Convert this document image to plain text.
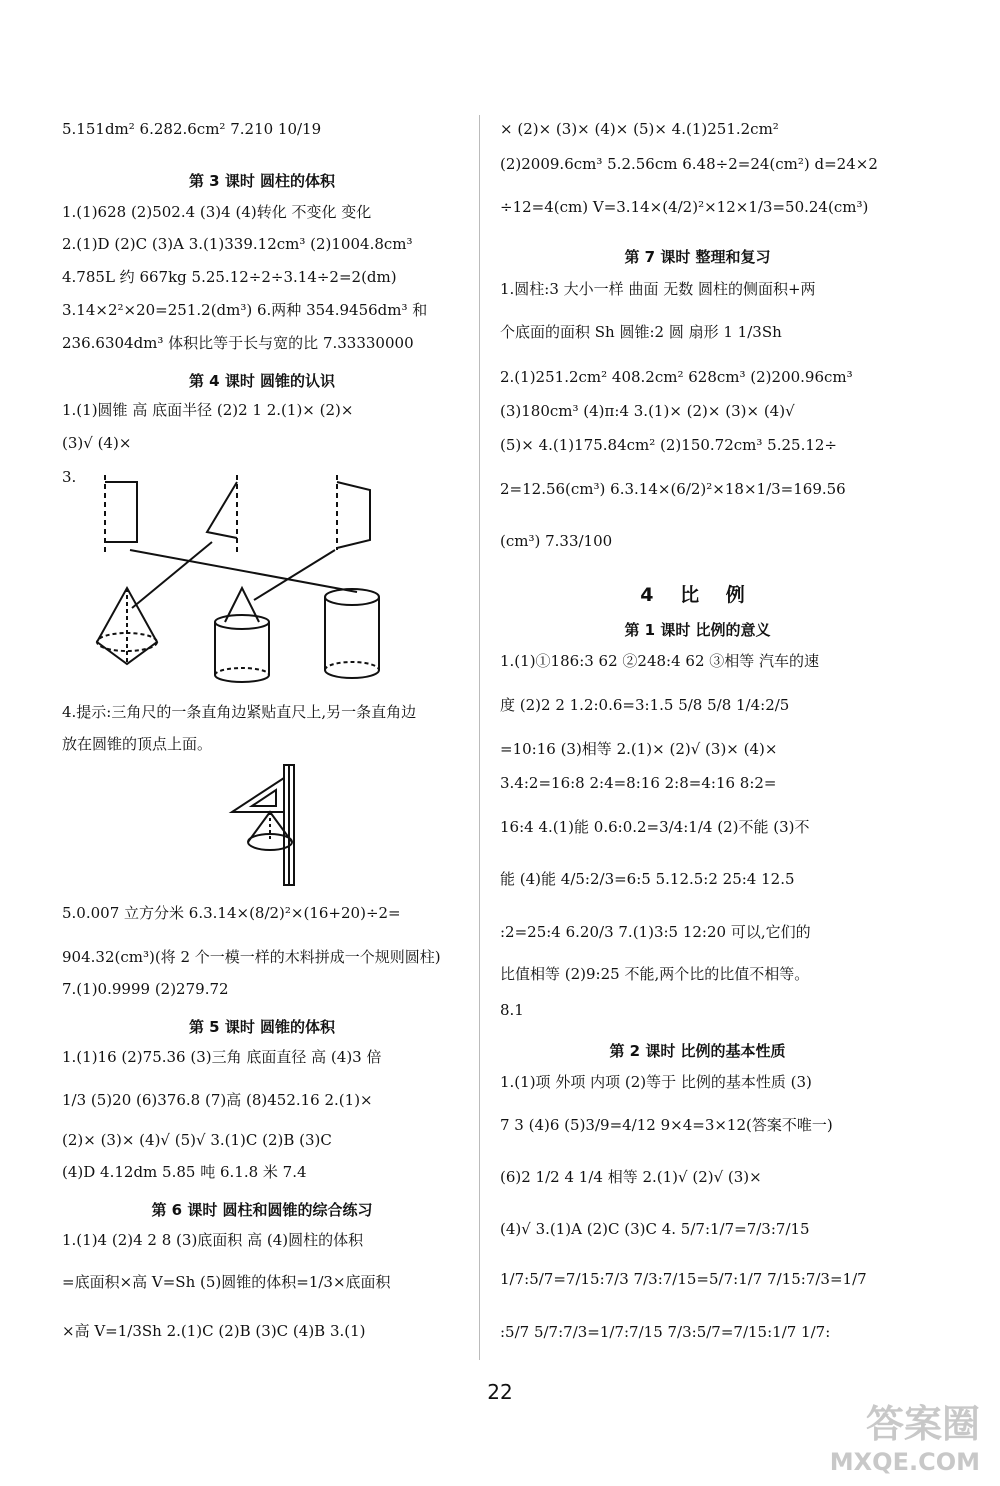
5.151dm² 6.282.6cm² 7.210 10/19
第 3 课时 圆柱的体积
1.(1)628 (2)502.4 (3)4 (4)转化 不变化 变化
2.(1)D (2)C (3)A 3.(1)339.12cm³ (2)1004.8cm³
4.785L 约 667kg 5.25.12÷2÷3.14÷2=2(dm)
3.14×2²×20=251.2(dm³) 6.两种 354.9456dm³ 和
236.6304dm³ 体积比等于长与宽的比 7.33330000
第 4 课时 圆锥的认识
1.(1)圆锥 高 底面半径 (2)2 1 2.(1)× (2)×
(3)√ (4)×
3.
4.提示:三角尺的一条直角边紧贴直尺上,另一条直角边
放在圆锥的顶点上面。
5.0.007 立方分米 6.3.14×(8/2)²×(16+20)÷2=
904.32(cm³)(将 2 个一模一样的木料拼成一个规则圆柱)
7.(1)0.9999 (2)279.72
第 5 课时 圆锥的体积
1.(1)16 (2)75.36 (3)三角 底面直径 高 (4)3 倍
1/3 (5)20 (6)376.8 (7)高 (8)452.16 2.(1)×
(2)× (3)× (4)√ (5)√ 3.(1)C (2)B (3)C
(4)D 4.12dm 5.85 吨 6.1.8 米 7.4
第 6 课时 圆柱和圆锥的综合练习
1.(1)4 (2)4 2 8 (3)底面积 高 (4)圆柱的体积
=底面积×高 V=Sh (5)圆锥的体积=1/3×底面积
×高 V=1/3Sh 2.(1)C (2)B (3)C (4)B 3.(1)
× (2)× (3)× (4)× (5)× 4.(1)251.2cm²
(2)2009.6cm³ 5.2.56cm 6.48÷2=24(cm²) d=24×2
÷12=4(cm) V=3.14×(4/2)²×12×1/3=50.24(cm³)
第 7 课时 整理和复习
1.圆柱:3 大小一样 曲面 无数 圆柱的侧面积+两
个底面的面积 Sh 圆锥:2 圆 扇形 1 1/3Sh
2.(1)251.2cm² 408.2cm² 628cm³ (2)200.96cm³
(3)180cm³ (4)π:4 3.(1)× (2)× (3)× (4)√
(5)× 4.(1)175.84cm² (2)150.72cm³ 5.25.12÷
2=12.56(cm³) 6.3.14×(6/2)²×18×1/3=169.56
(cm³) 7.33/100
4 比 例
第 1 课时 比例的意义
1.(1)①186:3 62 ②248:4 62 ③相等 汽车的速
度 (2)2 2 1.2:0.6=3:1.5 5/8 5/8 1/4:2/5
=10:16 (3)相等 2.(1)× (2)√ (3)× (4)×
3.4:2=16:8 2:4=8:16 2:8=4:16 8:2=
16:4 4.(1)能 0.6:0.2=3/4:1/4 (2)不能 (3)不
能 (4)能 4/5:2/3=6:5 5.12.5:2 25:4 12.5
:2=25:4 6.20/3 7.(1)3:5 12:20 可以,它们的
比值相等 (2)9:25 不能,两个比的比值不相等。
8.1
第 2 课时 比例的基本性质
1.(1)项 外项 内项 (2)等于 比例的基本性质 (3)
7 3 (4)6 (5)3/9=4/12 9×4=3×12(答案不唯一)
(6)2 1/2 4 1/4 相等 2.(1)√ (2)√ (3)×
(4)√ 3.(1)A (2)C (3)C 4. 5/7:1/7=7/3:7/15
1/7:5/7=7/15:7/3 7/3:7/15=5/7:1/7 7/15:7/3=1/7
:5/7 5/7:7/3=1/7:7/15 7/3:5/7=7/15:1/7 1/7:
22
答案圈
MXQE.COM
